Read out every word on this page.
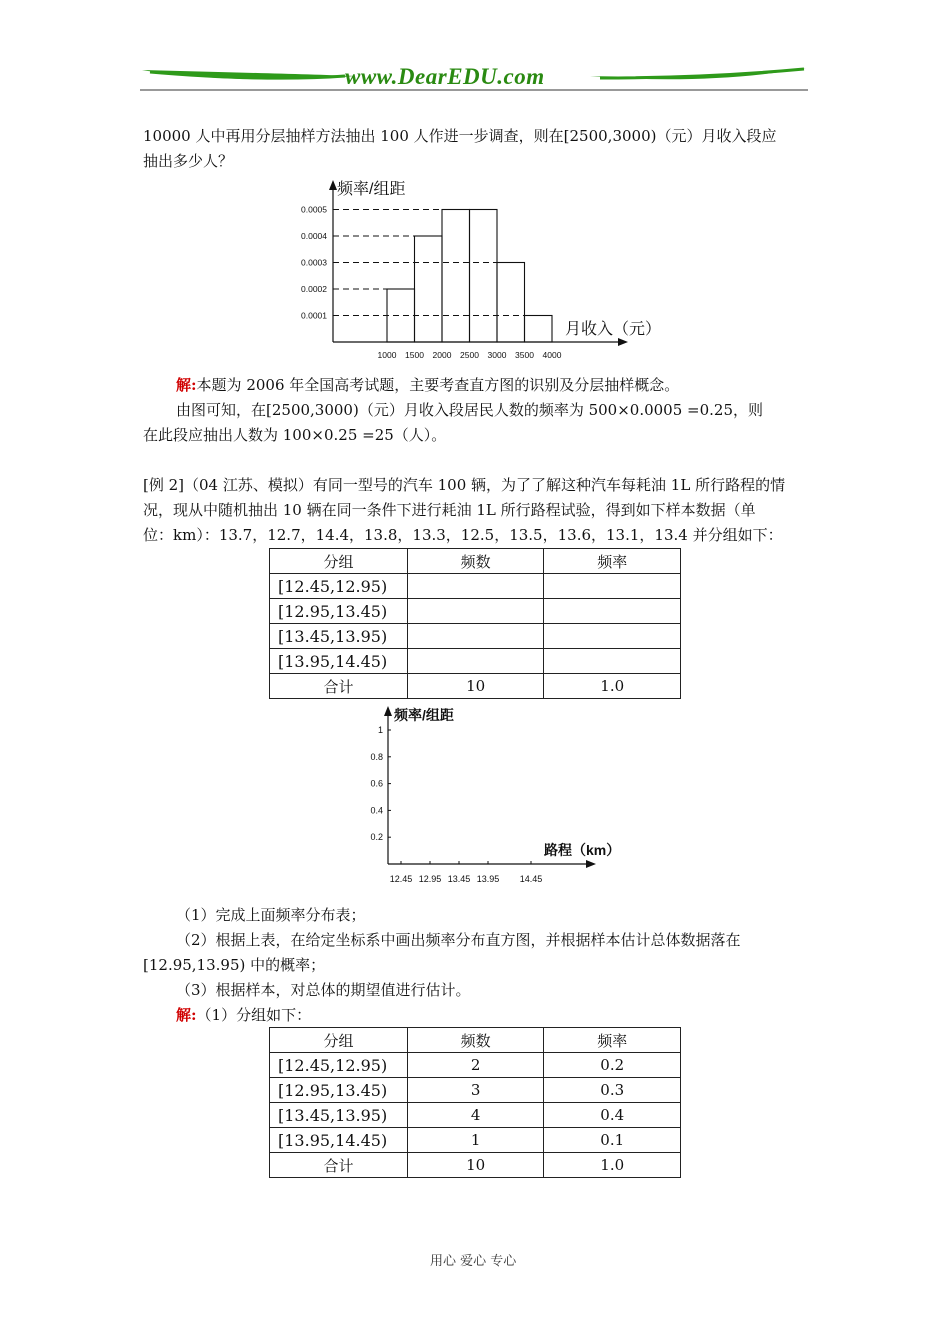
www.DearEDU.com
10000 人中再用分层抽样方法抽出 100 人作进一步调查，则在[2500,3000)（元）月收入段应
抽出多少人？
频率/组距
月收入（元）
0.0001
0.0002
0.0003
0.0004
0.0005
1000 1500 2000 2500 3000 3500 4000
解:本题为 2006 年全国高考试题，主要考查直方图的识别及分层抽样概念。
由图可知，在[2500,3000)（元）月收入段居民人数的频率为 500×0.0005 =0.25，则
在此段应抽出人数为 100×0.25 =25（人）。
[例 2]（04 江苏、模拟）有同一型号的汽车 100 辆，为了了解这种汽车每耗油 1L 所行路程的情
况，现从中随机抽出 10 辆在同一条件下进行耗油 1L 所行路程试验，得到如下样本数据（单
位：km）：13.7，12.7，14.4，13.8，13.3，12.5，13.5，13.6，13.1，13.4 并分组如下：
分组	频数	频率
[12.45,12.95)		
[12.95,13.45)		
[13.45,13.95)		
[13.95,14.45)		
合计	10	1.0
频率/组距
路程（km）
0.2
0.4
0.6
0.8
1
12.45 12.95 13.45 13.95 14.45
（1）完成上面频率分布表；
（2）根据上表，在给定坐标系中画出频率分布直方图，并根据样本估计总体数据落在
[12.95,13.95) 中的概率；
（3）根据样本，对总体的期望值进行估计。
解:（1）分组如下：
分组	频数	频率
[12.45,12.95)	2	0.2
[12.95,13.45)	3	0.3
[13.45,13.95)	4	0.4
[13.95,14.45)	1	0.1
合计	10	1.0
用心 爱心 专心
